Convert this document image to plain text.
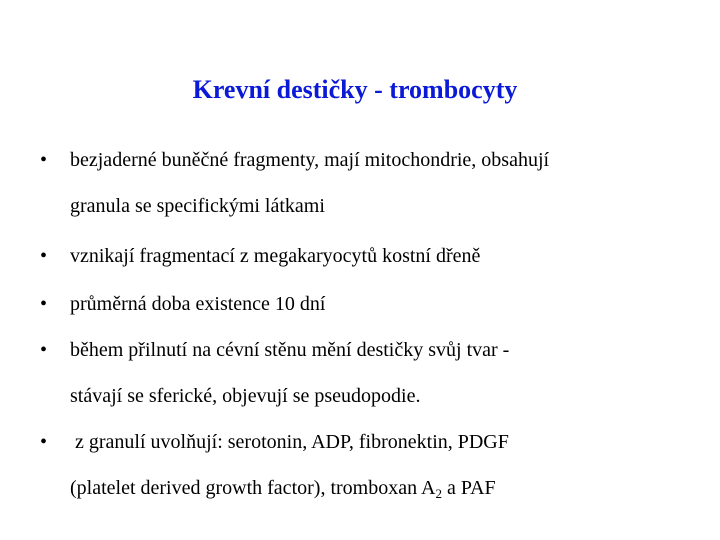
Krevní destičky - trombocyty
•	bezjaderné buněčné fragmenty, mají mitochondrie, obsahují
granula se specifickými látkami
•	vznikají fragmentací z megakaryocytů kostní dřeně
•	průměrná doba existence 10 dní
•	během přilnutí na cévní stěnu mění destičky svůj tvar -
stávají se sferické, objevují se pseudopodie.
•	z granulí uvolňují: serotonin, ADP, fibronektin, PDGF
(platelet derived growth factor), tromboxan $A_2$ a PAF
